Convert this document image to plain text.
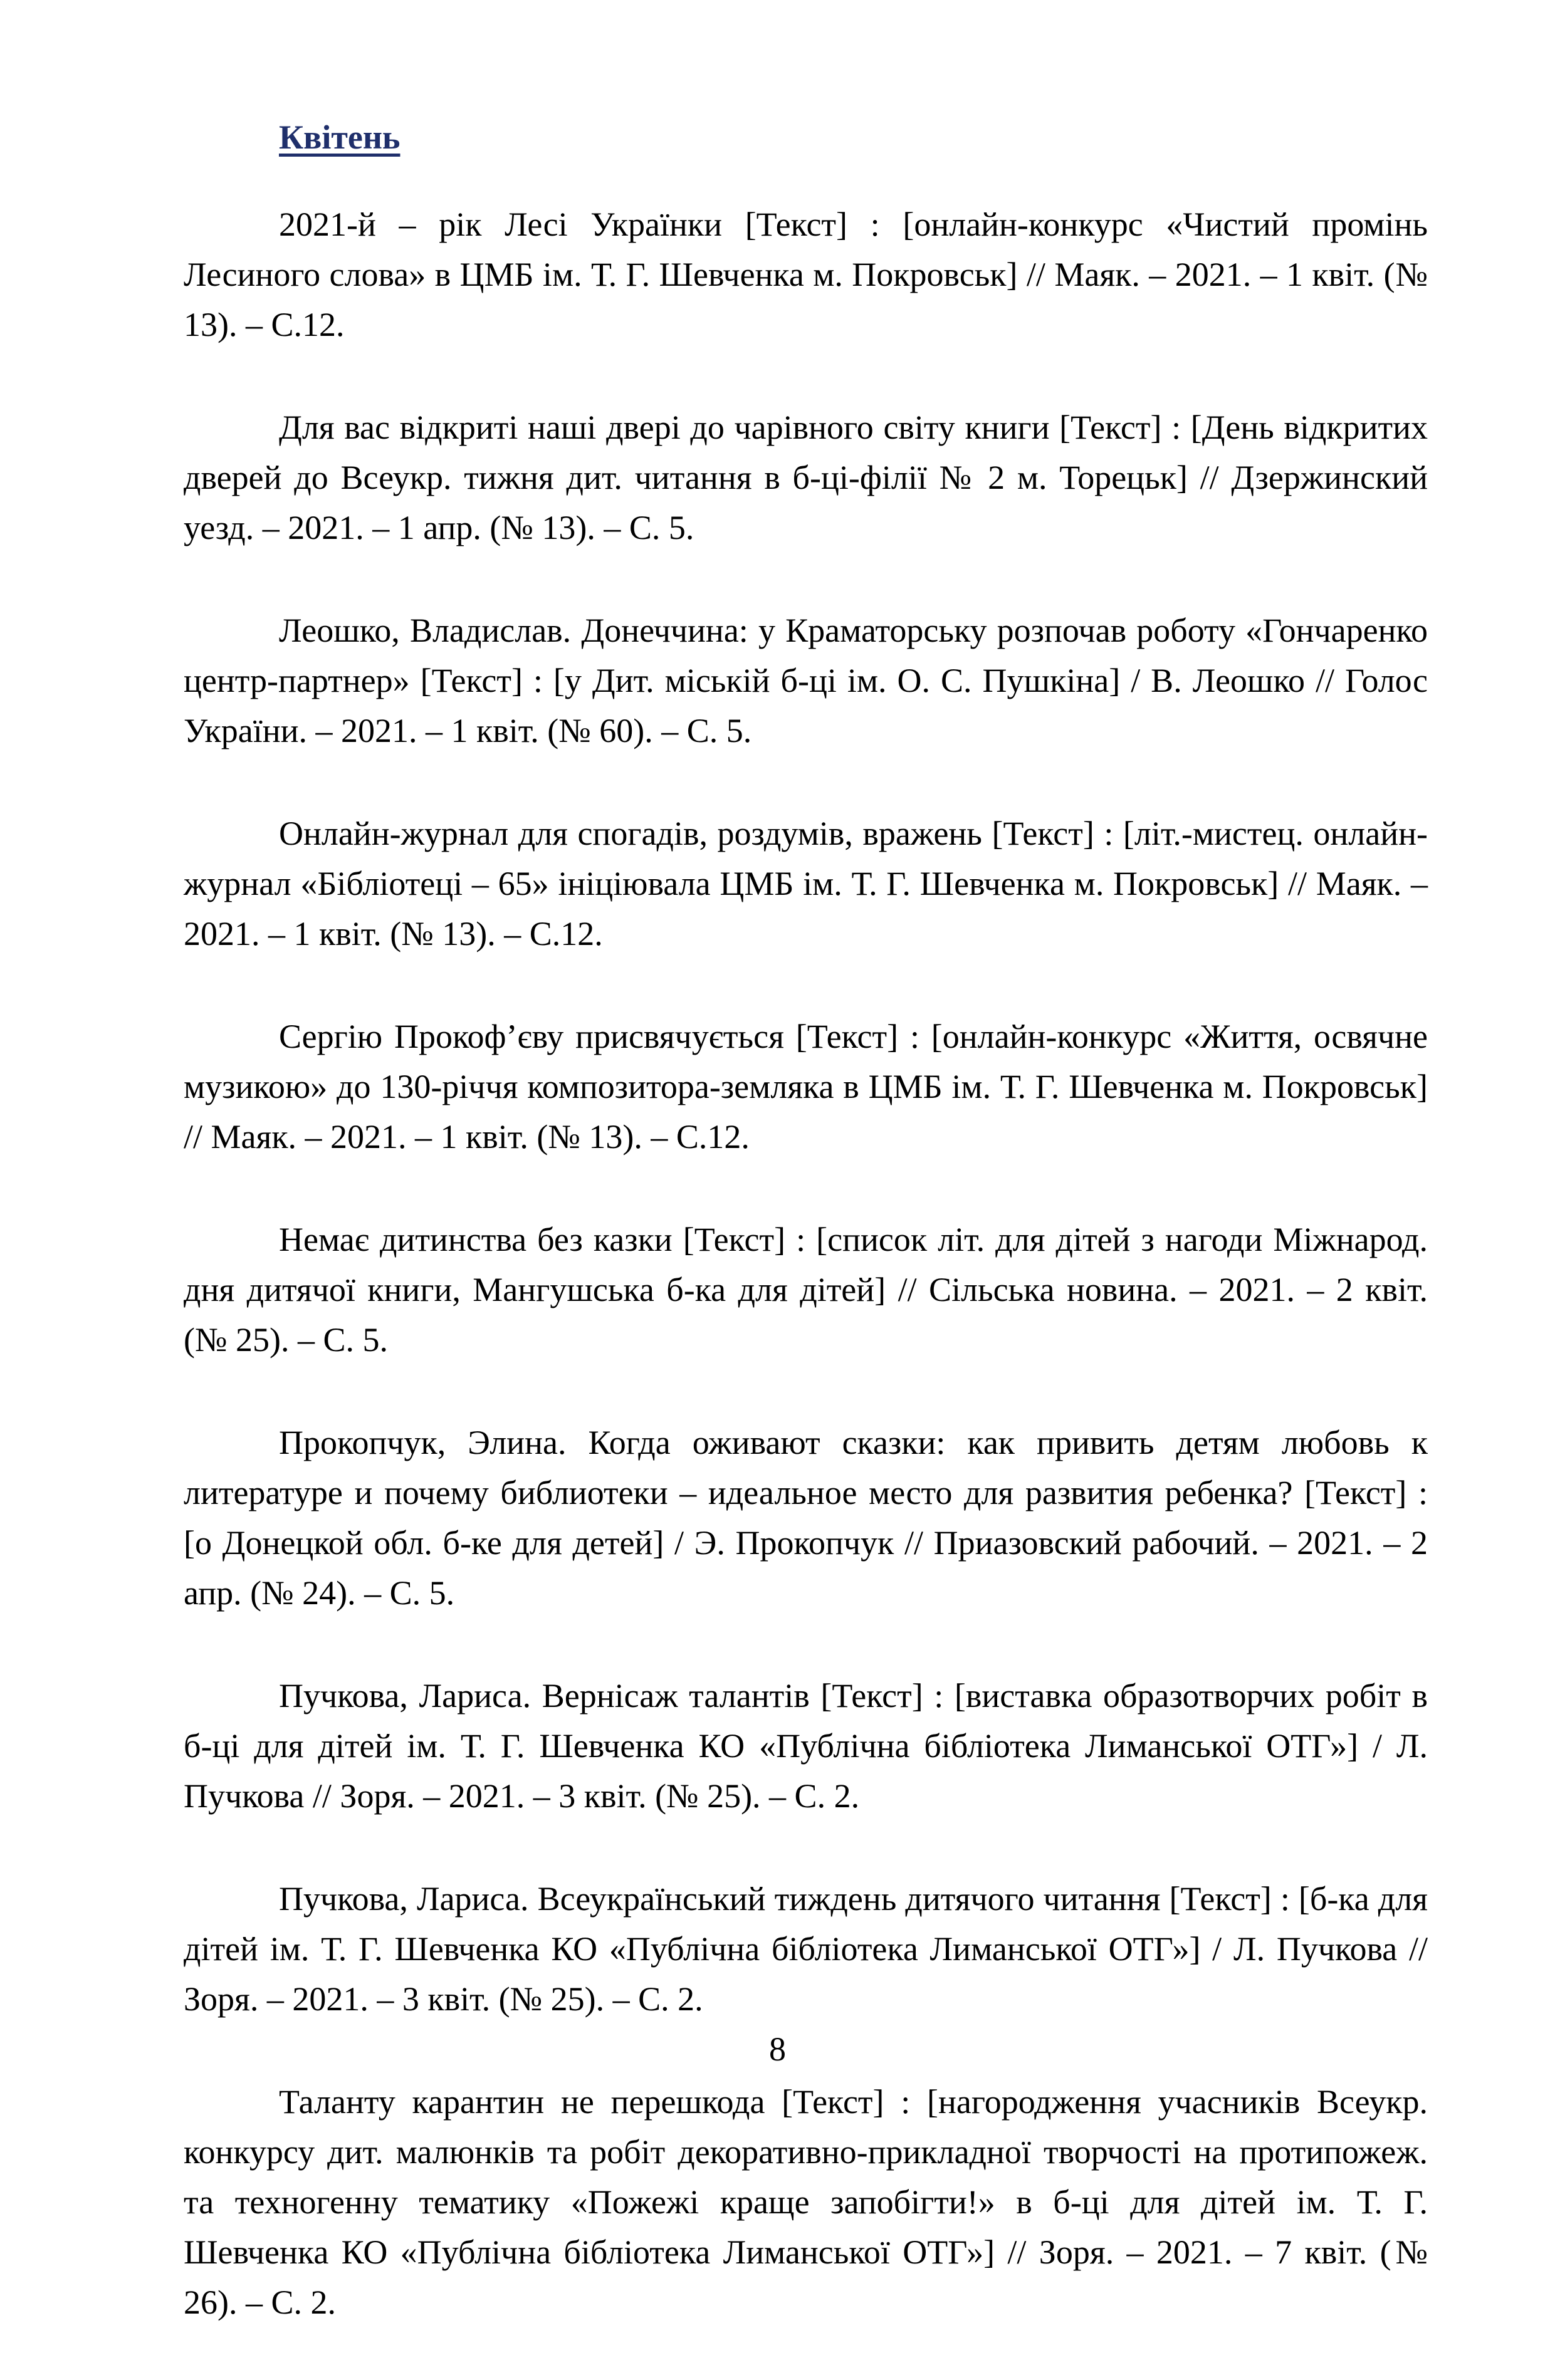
Квітень

2021-й – рік Лесі Українки [Текст] : [онлайн-конкурс «Чистий промінь Лесиного слова» в ЦМБ ім. Т. Г. Шевченка м. Покровськ] // Маяк. – 2021. – 1 квіт. (№ 13). – С.12.

Для вас відкриті наші двері до чарівного світу книги [Текст] : [День відкритих дверей до Всеукр. тижня дит. читання в б-ці-філії № 2 м. Торецьк] // Дзержинский уезд. – 2021. – 1 апр. (№ 13). – С. 5.

Леошко, Владислав. Донеччина: у Краматорську розпочав роботу «Гончаренко центр-партнер» [Текст] : [у Дит. міській б-ці ім. О. С. Пушкіна] / В. Леошко // Голос України. – 2021. – 1 квіт. (№ 60). – С. 5.

Онлайн-журнал для спогадів, роздумів, вражень [Текст] : [літ.-мистец. онлайн-журнал «Бібліотеці – 65» ініціювала ЦМБ ім. Т. Г. Шевченка м. Покровськ] // Маяк. – 2021. – 1 квіт. (№ 13). – С.12.

Сергію Прокоф’єву присвячується [Текст] : [онлайн-конкурс «Життя, освячне музикою» до 130-річчя композитора-земляка в ЦМБ ім. Т. Г. Шевченка м. Покровськ] // Маяк. – 2021. – 1 квіт. (№ 13). – С.12.

Немає дитинства без казки [Текст] : [список літ. для дітей з нагоди Міжнарод. дня дитячої книги, Мангушська б-ка для дітей] // Сільська новина. – 2021. – 2 квіт. (№ 25). – С. 5.

Прокопчук, Элина. Когда оживают сказки: как привить детям любовь к литературе и почему библиотеки – идеальное место для развития ребенка? [Текст] : [о Донецкой обл. б-ке для детей] / Э. Прокопчук // Приазовский рабочий. – 2021. – 2 апр. (№ 24). – С. 5.

Пучкова, Лариса. Вернісаж талантів [Текст] : [виставка образотворчих робіт в б-ці для дітей ім. Т. Г. Шевченка КО «Публічна бібліотека Лиманської ОТГ»] / Л. Пучкова // Зоря. – 2021. – 3 квіт. (№ 25). – С. 2.

Пучкова, Лариса. Всеукраїнський тиждень дитячого читання [Текст] : [б-ка для дітей ім. Т. Г. Шевченка КО «Публічна бібліотека Лиманської ОТГ»] / Л. Пучкова // Зоря. – 2021. – 3 квіт. (№ 25). – С. 2.

Таланту карантин не перешкода [Текст] : [нагородження учасників Всеукр. конкурсу дит. малюнків та робіт декоративно-прикладної творчості на протипожеж. та техногенну тематику «Пожежі краще запобігти!» в б-ці для дітей ім. Т. Г. Шевченка КО «Публічна бібліотека Лиманської ОТГ»] // Зоря. – 2021. – 7 квіт. (№ 26). – С. 2.

8
